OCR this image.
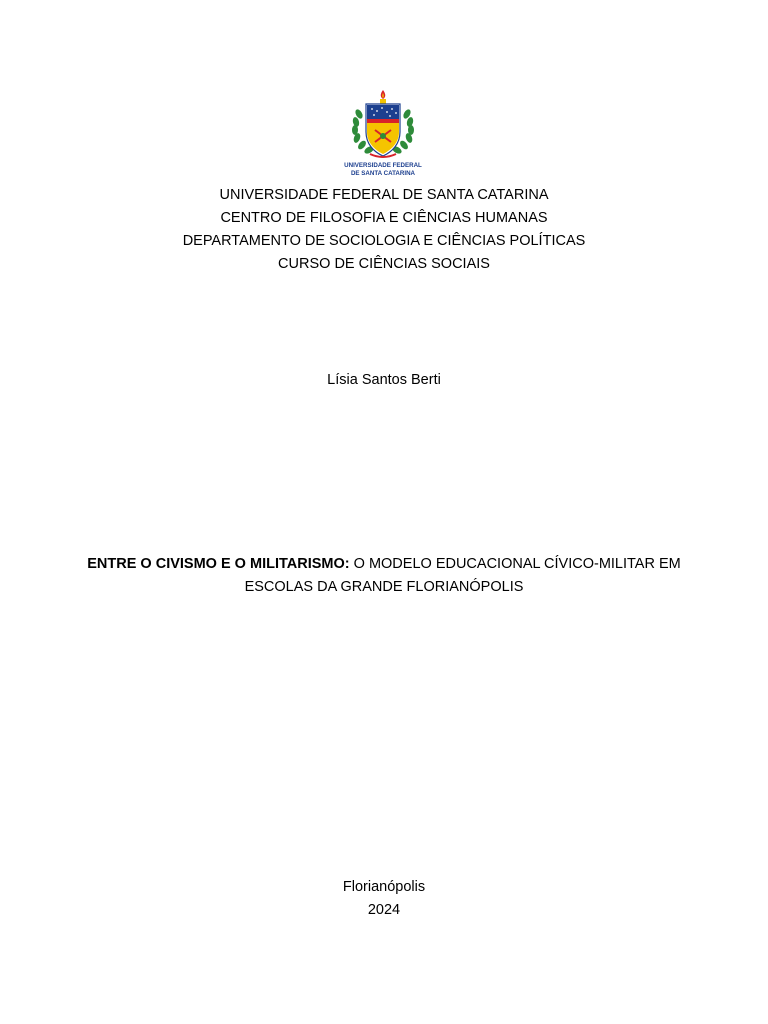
UNIVERSIDADE FEDERAL
DE SANTA CATARINA
UNIVERSIDADE FEDERAL DE SANTA CATARINA
CENTRO DE FILOSOFIA E CIÊNCIAS HUMANAS
DEPARTAMENTO DE SOCIOLOGIA E CIÊNCIAS POLÍTICAS
CURSO DE CIÊNCIAS SOCIAIS
Lísia Santos Berti
ENTRE O CIVISMO E O MILITARISMO: O MODELO EDUCACIONAL CÍVICO-MILITAR EM ESCOLAS DA GRANDE FLORIANÓPOLIS
Florianópolis
2024
